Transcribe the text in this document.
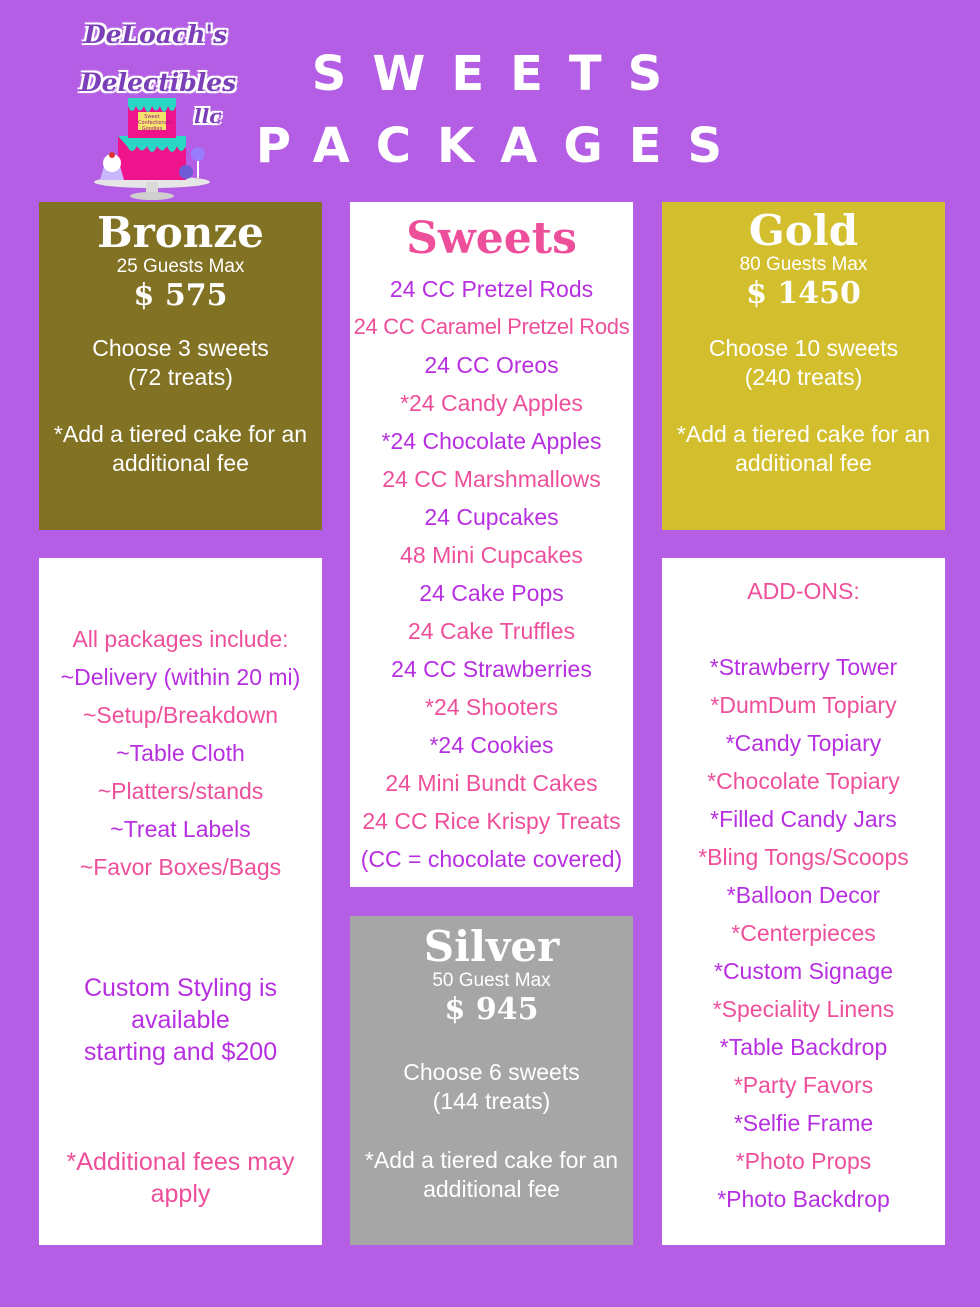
DeLoach's
Delectibles
llc
Sweet Confectionary Goodies
SWEETS
PACKAGES
Bronze
25 Guests Max
$ 575
Choose 3 sweets
(72 treats)
*Add a tiered cake for an
additional fee
Gold
80 Guests Max
$ 1450
Choose 10 sweets
(240 treats)
*Add a tiered cake for an
additional fee
Sweets
24 CC Pretzel Rods
24 CC Caramel Pretzel Rods
24 CC Oreos
*24 Candy Apples
*24 Chocolate Apples
24 CC Marshmallows
24 Cupcakes
48 Mini Cupcakes
24 Cake Pops
24 Cake Truffles
24 CC Strawberries
*24 Shooters
*24 Cookies
24 Mini Bundt Cakes
24 CC Rice Krispy Treats
(CC = chocolate covered)
All packages include:
~Delivery (within 20 mi)
~Setup/Breakdown
~Table Cloth
~Platters/stands
~Treat Labels
~Favor Boxes/Bags
Custom Styling is
available
starting and $200
*Additional fees may
apply
ADD-ONS:
*Strawberry Tower
*DumDum Topiary
*Candy Topiary
*Chocolate Topiary
*Filled Candy Jars
*Bling Tongs/Scoops
*Balloon Decor
*Centerpieces
*Custom Signage
*Speciality Linens
*Table Backdrop
*Party Favors
*Selfie Frame
*Photo Props
*Photo Backdrop
Silver
50 Guest Max
$ 945
Choose 6 sweets
(144 treats)
*Add a tiered cake for an
additional fee
